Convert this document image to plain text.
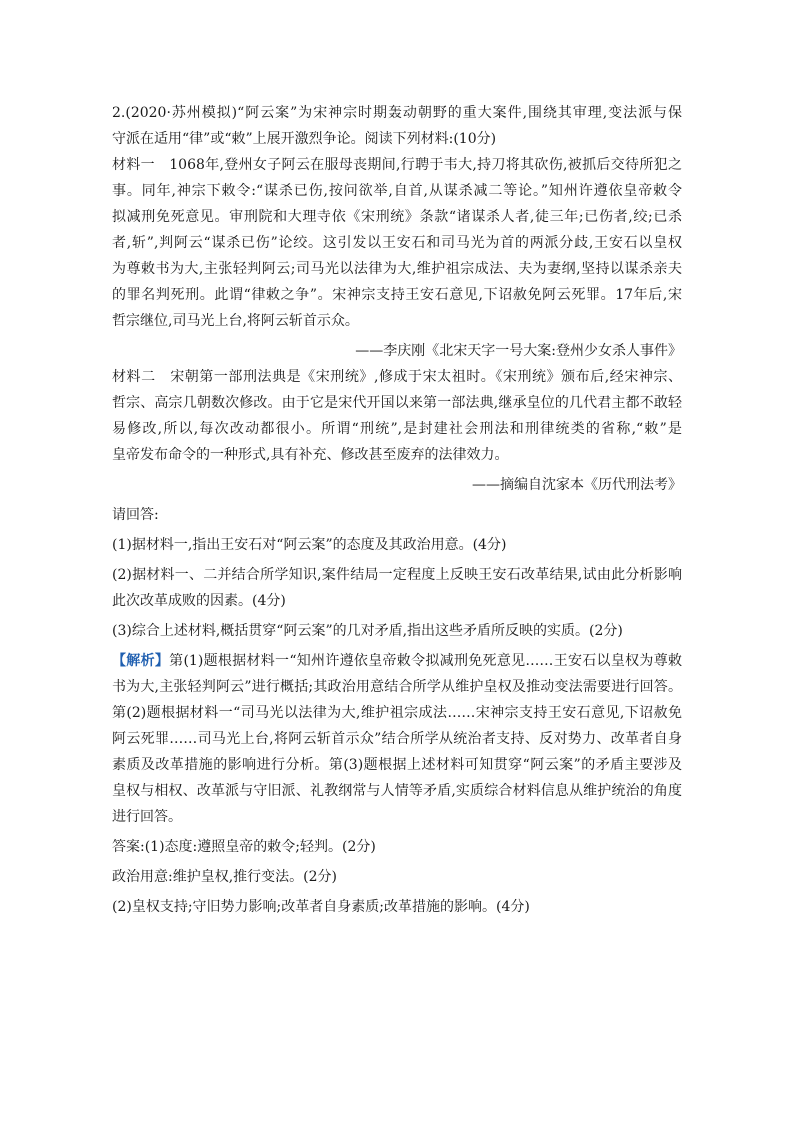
2.(2020·苏州模拟)“阿云案”为宋神宗时期轰动朝野的重大案件,围绕其审理,变法派与保
守派在适用“律”或“敕”上展开激烈争论。阅读下列材料:(10分)
材料一　1068年,登州女子阿云在服母丧期间,行聘于韦大,持刀将其砍伤,被抓后交待所犯之
事。同年,神宗下敕令:“谋杀已伤,按问欲举,自首,从谋杀减二等论。”知州许遵依皇帝敕令
拟减刑免死意见。审刑院和大理寺依《宋刑统》条款“诸谋杀人者,徒三年;已伤者,绞;已杀
者,斩”,判阿云“谋杀已伤”论绞。这引发以王安石和司马光为首的两派分歧,王安石以皇权
为尊敕书为大,主张轻判阿云;司马光以法律为大,维护祖宗成法、夫为妻纲,坚持以谋杀亲夫
的罪名判死刑。此谓“律敕之争”。宋神宗支持王安石意见,下诏赦免阿云死罪。17年后,宋
哲宗继位,司马光上台,将阿云斩首示众。
——李庆刚《北宋天字一号大案:登州少女杀人事件》
材料二　宋朝第一部刑法典是《宋刑统》,修成于宋太祖时。《宋刑统》颁布后,经宋神宗、
哲宗、高宗几朝数次修改。由于它是宋代开国以来第一部法典,继承皇位的几代君主都不敢轻
易修改,所以,每次改动都很小。所谓“刑统”,是封建社会刑法和刑律统类的省称,“敕”是
皇帝发布命令的一种形式,具有补充、修改甚至废弃的法律效力。
——摘编自沈家本《历代刑法考》
请回答:
(1)据材料一,指出王安石对“阿云案”的态度及其政治用意。(4分)
(2)据材料一、二并结合所学知识,案件结局一定程度上反映王安石改革结果,试由此分析影响
此次改革成败的因素。(4分)
(3)综合上述材料,概括贯穿“阿云案”的几对矛盾,指出这些矛盾所反映的实质。(2分)
【解析】第(1)题根据材料一“知州许遵依皇帝敕令拟减刑免死意见……王安石以皇权为尊敕
书为大,主张轻判阿云”进行概括;其政治用意结合所学从维护皇权及推动变法需要进行回答。
第(2)题根据材料一“司马光以法律为大,维护祖宗成法……宋神宗支持王安石意见,下诏赦免
阿云死罪……司马光上台,将阿云斩首示众”结合所学从统治者支持、反对势力、改革者自身
素质及改革措施的影响进行分析。第(3)题根据上述材料可知贯穿“阿云案”的矛盾主要涉及
皇权与相权、改革派与守旧派、礼教纲常与人情等矛盾,实质综合材料信息从维护统治的角度
进行回答。
答案:(1)态度:遵照皇帝的敕令;轻判。(2分)
政治用意:维护皇权,推行变法。(2分)
(2)皇权支持;守旧势力影响;改革者自身素质;改革措施的影响。(4分)
